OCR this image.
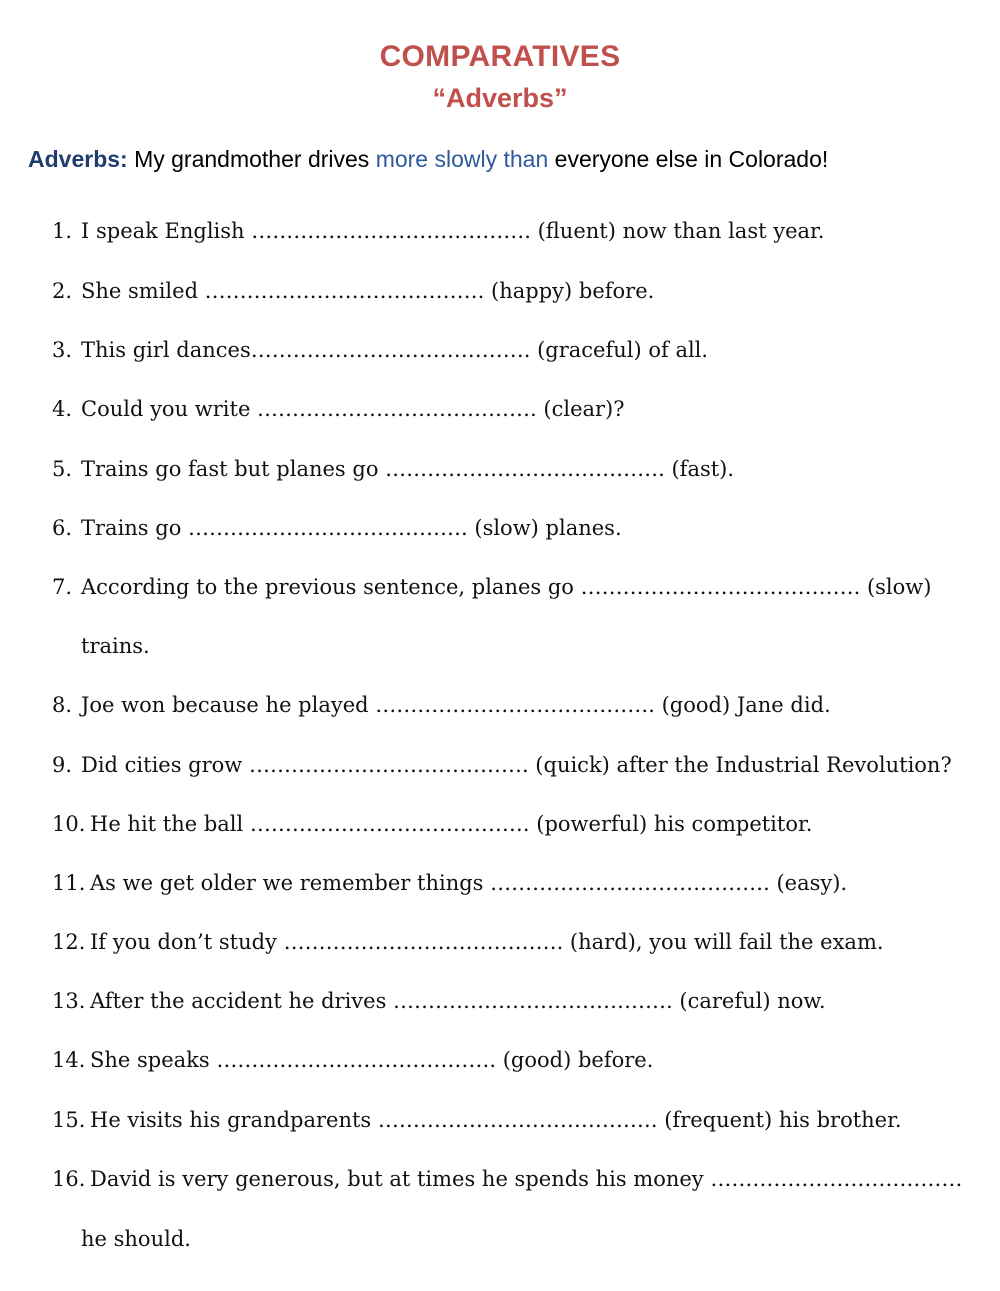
COMPARATIVES
“Adverbs”

Adverbs: My grandmother drives more slowly than everyone else in Colorado!

1. I speak English …………………………………. (fluent) now than last year.
2. She smiled …………………………………. (happy) before.
3. This girl dances…………………………………. (graceful) of all.
4. Could you write …………………………………. (clear)?
5. Trains go fast but planes go …………………………………. (fast).
6. Trains go …………………………………. (slow) planes.
7. According to the previous sentence, planes go …………………………………. (slow)
trains.
8. Joe won because he played …………………………………. (good) Jane did.
9. Did cities grow …………………………………. (quick) after the Industrial Revolution?
10. He hit the ball …………………………………. (powerful) his competitor.
11. As we get older we remember things …………………………………. (easy).
12. If you don’t study …………………………………. (hard), you will fail the exam.
13. After the accident he drives …………………………………. (careful) now.
14. She speaks …………………………………. (good) before.
15. He visits his grandparents …………………………………. (frequent) his brother.
16. David is very generous, but at times he spends his money ………………………………
he should.
